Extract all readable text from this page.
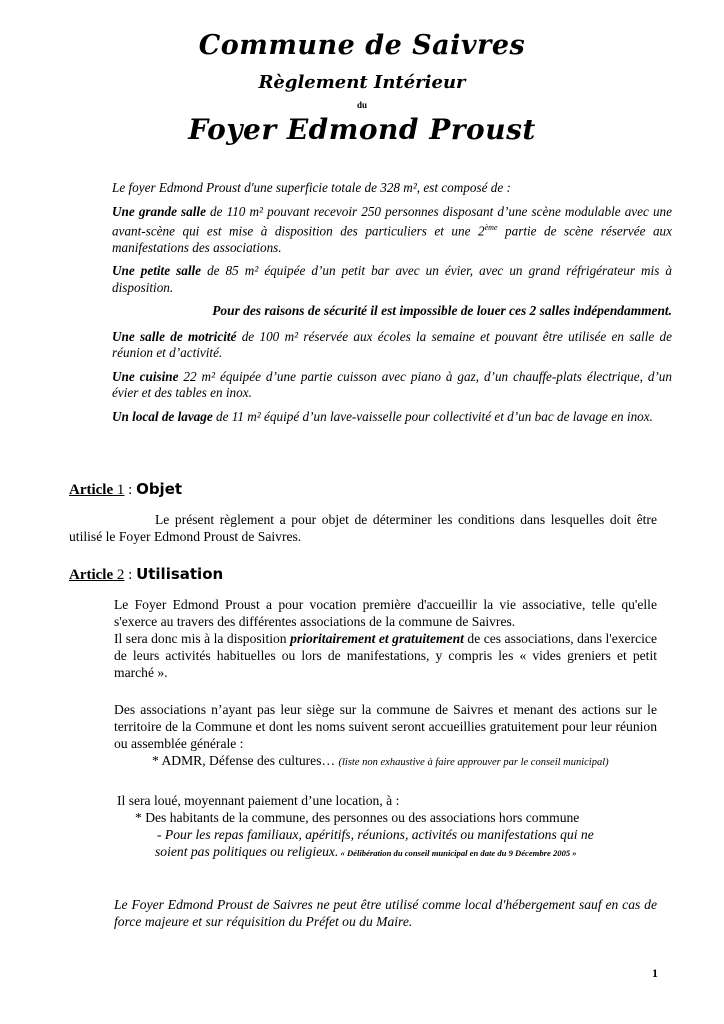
Commune de Saivres
Règlement Intérieur
du
Foyer Edmond Proust

Le foyer Edmond Proust d'une superficie totale de 328 m², est composé de :

Une grande salle de 110 m² pouvant recevoir 250 personnes disposant d’une scène modulable avec une avant-scène qui est mise à disposition des particuliers et une 2ème partie de scène réservée aux manifestations des associations.

Une petite salle de 85 m² équipée d’un petit bar avec un évier, avec un grand réfrigérateur mis à disposition.

Pour des raisons de sécurité il est impossible de louer ces 2 salles indépendamment.

Une salle de motricité de 100 m² réservée aux écoles la semaine et pouvant être utilisée en salle de réunion et d’activité.

Une cuisine 22 m² équipée d’une partie cuisson avec piano à gaz, d’un chauffe-plats électrique, d’un évier et des tables en inox.

Un local de lavage de 11 m² équipé d’un lave-vaisselle pour collectivité et d’un bac de lavage en inox.

Article 1 : Objet

Le présent règlement a pour objet de déterminer les conditions dans lesquelles doit être utilisé le Foyer Edmond Proust de Saivres.

Article 2 : Utilisation

Le Foyer Edmond Proust a pour vocation première d'accueillir la vie associative, telle qu'elle s'exerce au travers des différentes associations de la commune de Saivres.

Il sera donc mis à la disposition prioritairement et gratuitement de ces associations, dans l'exercice de leurs activités habituelles ou lors de manifestations, y compris les « vides greniers et petit marché ».

Des associations n’ayant pas leur siège sur la commune de Saivres et menant des actions sur le territoire de la Commune et dont les noms suivent seront accueillies gratuitement pour leur réunion ou assemblée générale :

* ADMR, Défense des cultures… (liste non exhaustive à faire approuver par le conseil municipal)

Il sera loué, moyennant paiement d’une location, à :

* Des habitants de la commune, des personnes ou des associations hors commune

- Pour les repas familiaux, apéritifs, réunions, activités ou manifestations qui ne

soient pas politiques ou religieux. « Délibération du conseil municipal en date du 9 Décembre 2005 »

Le Foyer Edmond Proust de Saivres ne peut être utilisé comme local d'hébergement sauf en cas de force majeure et sur réquisition du Préfet ou du Maire.

1
